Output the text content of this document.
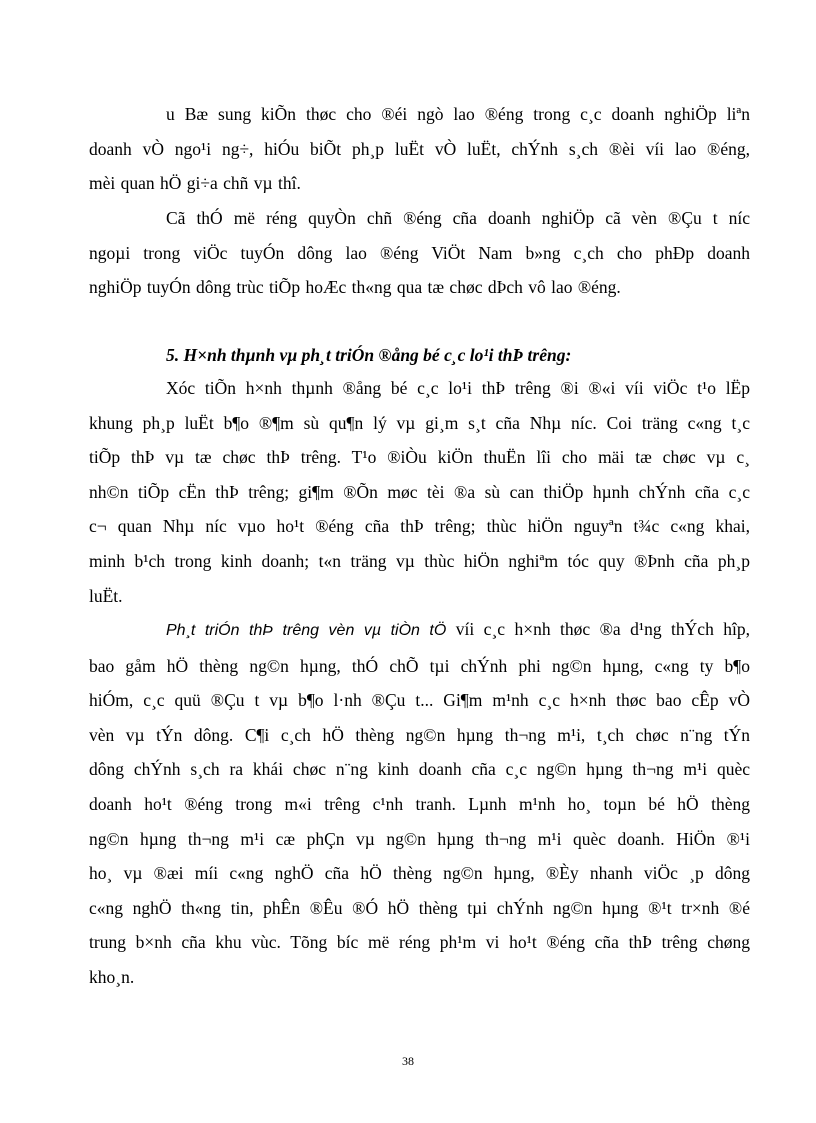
u Bæ sung kiÕn thøc cho ®éi ngò lao ®éng trong c¸c doanh nghiÖp liªn
doanh vÒ ngo¹i ng÷, hiÓu biÕt ph¸p luËt vÒ luËt, chÝnh s¸ch ®èi víi lao ®éng,
mèi quan hÖ gi÷a chñ vµ thî.

Cã thÓ më réng quyÒn chñ ®éng cña doanh nghiÖp cã vèn ®Çu t níc
ngoµi trong viÖc tuyÓn dông lao ®éng ViÖt Nam b»ng c¸ch cho phÐp doanh
nghiÖp tuyÓn dông trùc tiÕp hoÆc th«ng qua tæ chøc dÞch vô lao ®éng.

5. H×nh thµnh vµ ph¸t triÓn ®ång bé c¸c lo¹i thÞ trêng:

Xóc tiÕn h×nh thµnh ®ång bé c¸c lo¹i thÞ trêng ®i ®«i víi viÖc t¹o lËp
khung ph¸p luËt b¶o ®¶m sù qu¶n lý vµ gi¸m s¸t cña Nhµ níc. Coi träng c«ng t¸c
tiÕp thÞ vµ tæ chøc thÞ trêng. T¹o ®iÒu kiÖn thuËn lîi cho mäi tæ chøc vµ c¸
nh©n tiÕp cËn thÞ trêng; gi¶m ®Õn møc tèi ®a sù can thiÖp hµnh chÝnh cña c¸c
c¬ quan Nhµ níc vµo ho¹t ®éng cña thÞ trêng; thùc hiÖn nguyªn t¾c c«ng khai,
minh b¹ch trong kinh doanh; t«n träng vµ thùc hiÖn nghiªm tóc quy ®Þnh cña ph¸p
luËt.

Ph¸t triÓn thÞ trêng vèn vµ tiÒn tÖ víi c¸c h×nh thøc ®a d¹ng thÝch hîp,
bao gåm hÖ thèng ng©n hµng, thÓ chÕ tµi chÝnh phi ng©n hµng, c«ng ty b¶o
hiÓm, c¸c quü ®Çu t vµ b¶o l·nh ®Çu t... Gi¶m m¹nh c¸c h×nh thøc bao cÊp vÒ
vèn vµ tÝn dông. C¶i c¸ch hÖ thèng ng©n hµng th¬ng m¹i, t¸ch chøc n¨ng tÝn
dông chÝnh s¸ch ra khái chøc n¨ng kinh doanh cña c¸c ng©n hµng th¬ng m¹i quèc
doanh ho¹t ®éng trong m«i trêng c¹nh tranh. Lµnh m¹nh ho¸ toµn bé hÖ thèng
ng©n hµng th¬ng m¹i cæ phÇn vµ ng©n hµng th¬ng m¹i quèc doanh. HiÖn ®¹i
ho¸ vµ ®æi míi c«ng nghÖ cña hÖ thèng ng©n hµng, ®Èy nhanh viÖc ¸p dông
c«ng nghÖ th«ng tin, phÊn ®Êu ®Ó hÖ thèng tµi chÝnh ng©n hµng ®¹t tr×nh ®é
trung b×nh cña khu vùc. Tõng bíc më réng ph¹m vi ho¹t ®éng cña thÞ trêng chøng
kho¸n.

38
